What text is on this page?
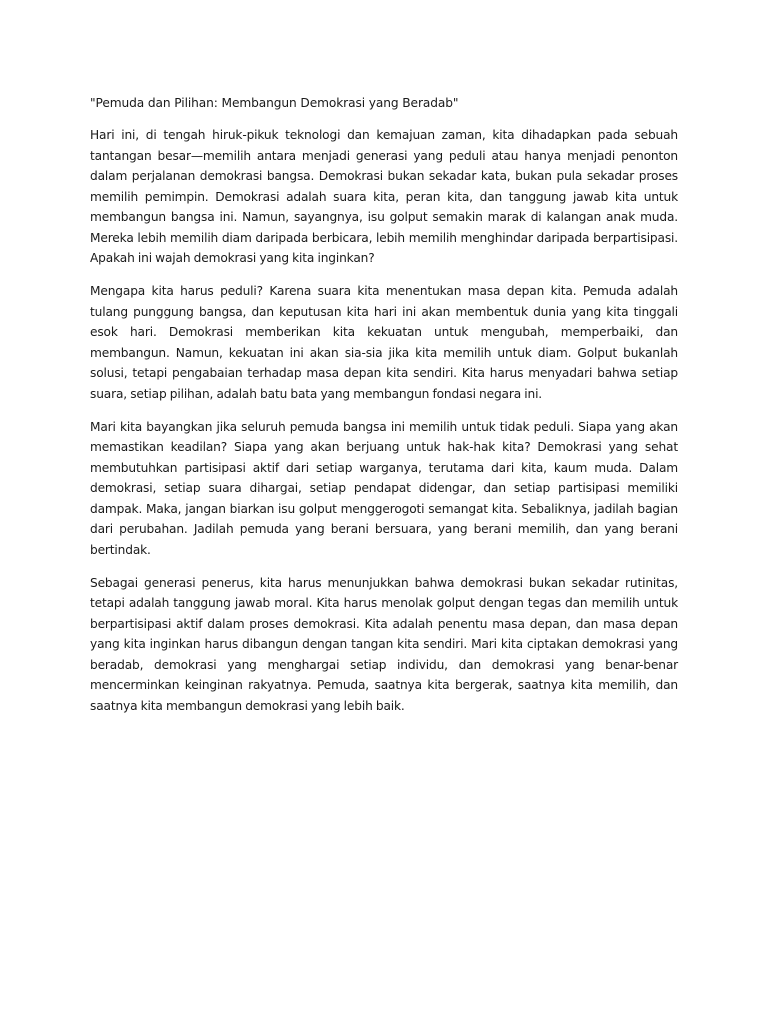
"Pemuda dan Pilihan: Membangun Demokrasi yang Beradab"

Hari ini, di tengah hiruk-pikuk teknologi dan kemajuan zaman, kita dihadapkan pada sebuah tantangan besar—memilih antara menjadi generasi yang peduli atau hanya menjadi penonton dalam perjalanan demokrasi bangsa. Demokrasi bukan sekadar kata, bukan pula sekadar proses memilih pemimpin. Demokrasi adalah suara kita, peran kita, dan tanggung jawab kita untuk membangun bangsa ini. Namun, sayangnya, isu golput semakin marak di kalangan anak muda. Mereka lebih memilih diam daripada berbicara, lebih memilih menghindar daripada berpartisipasi. Apakah ini wajah demokrasi yang kita inginkan?

Mengapa kita harus peduli? Karena suara kita menentukan masa depan kita. Pemuda adalah tulang punggung bangsa, dan keputusan kita hari ini akan membentuk dunia yang kita tinggali esok hari. Demokrasi memberikan kita kekuatan untuk mengubah, memperbaiki, dan membangun. Namun, kekuatan ini akan sia-sia jika kita memilih untuk diam. Golput bukanlah solusi, tetapi pengabaian terhadap masa depan kita sendiri. Kita harus menyadari bahwa setiap suara, setiap pilihan, adalah batu bata yang membangun fondasi negara ini.

Mari kita bayangkan jika seluruh pemuda bangsa ini memilih untuk tidak peduli. Siapa yang akan memastikan keadilan? Siapa yang akan berjuang untuk hak-hak kita? Demokrasi yang sehat membutuhkan partisipasi aktif dari setiap warganya, terutama dari kita, kaum muda. Dalam demokrasi, setiap suara dihargai, setiap pendapat didengar, dan setiap partisipasi memiliki dampak. Maka, jangan biarkan isu golput menggerogoti semangat kita. Sebaliknya, jadilah bagian dari perubahan. Jadilah pemuda yang berani bersuara, yang berani memilih, dan yang berani bertindak.

Sebagai generasi penerus, kita harus menunjukkan bahwa demokrasi bukan sekadar rutinitas, tetapi adalah tanggung jawab moral. Kita harus menolak golput dengan tegas dan memilih untuk berpartisipasi aktif dalam proses demokrasi. Kita adalah penentu masa depan, dan masa depan yang kita inginkan harus dibangun dengan tangan kita sendiri. Mari kita ciptakan demokrasi yang beradab, demokrasi yang menghargai setiap individu, dan demokrasi yang benar-benar mencerminkan keinginan rakyatnya. Pemuda, saatnya kita bergerak, saatnya kita memilih, dan saatnya kita membangun demokrasi yang lebih baik.
